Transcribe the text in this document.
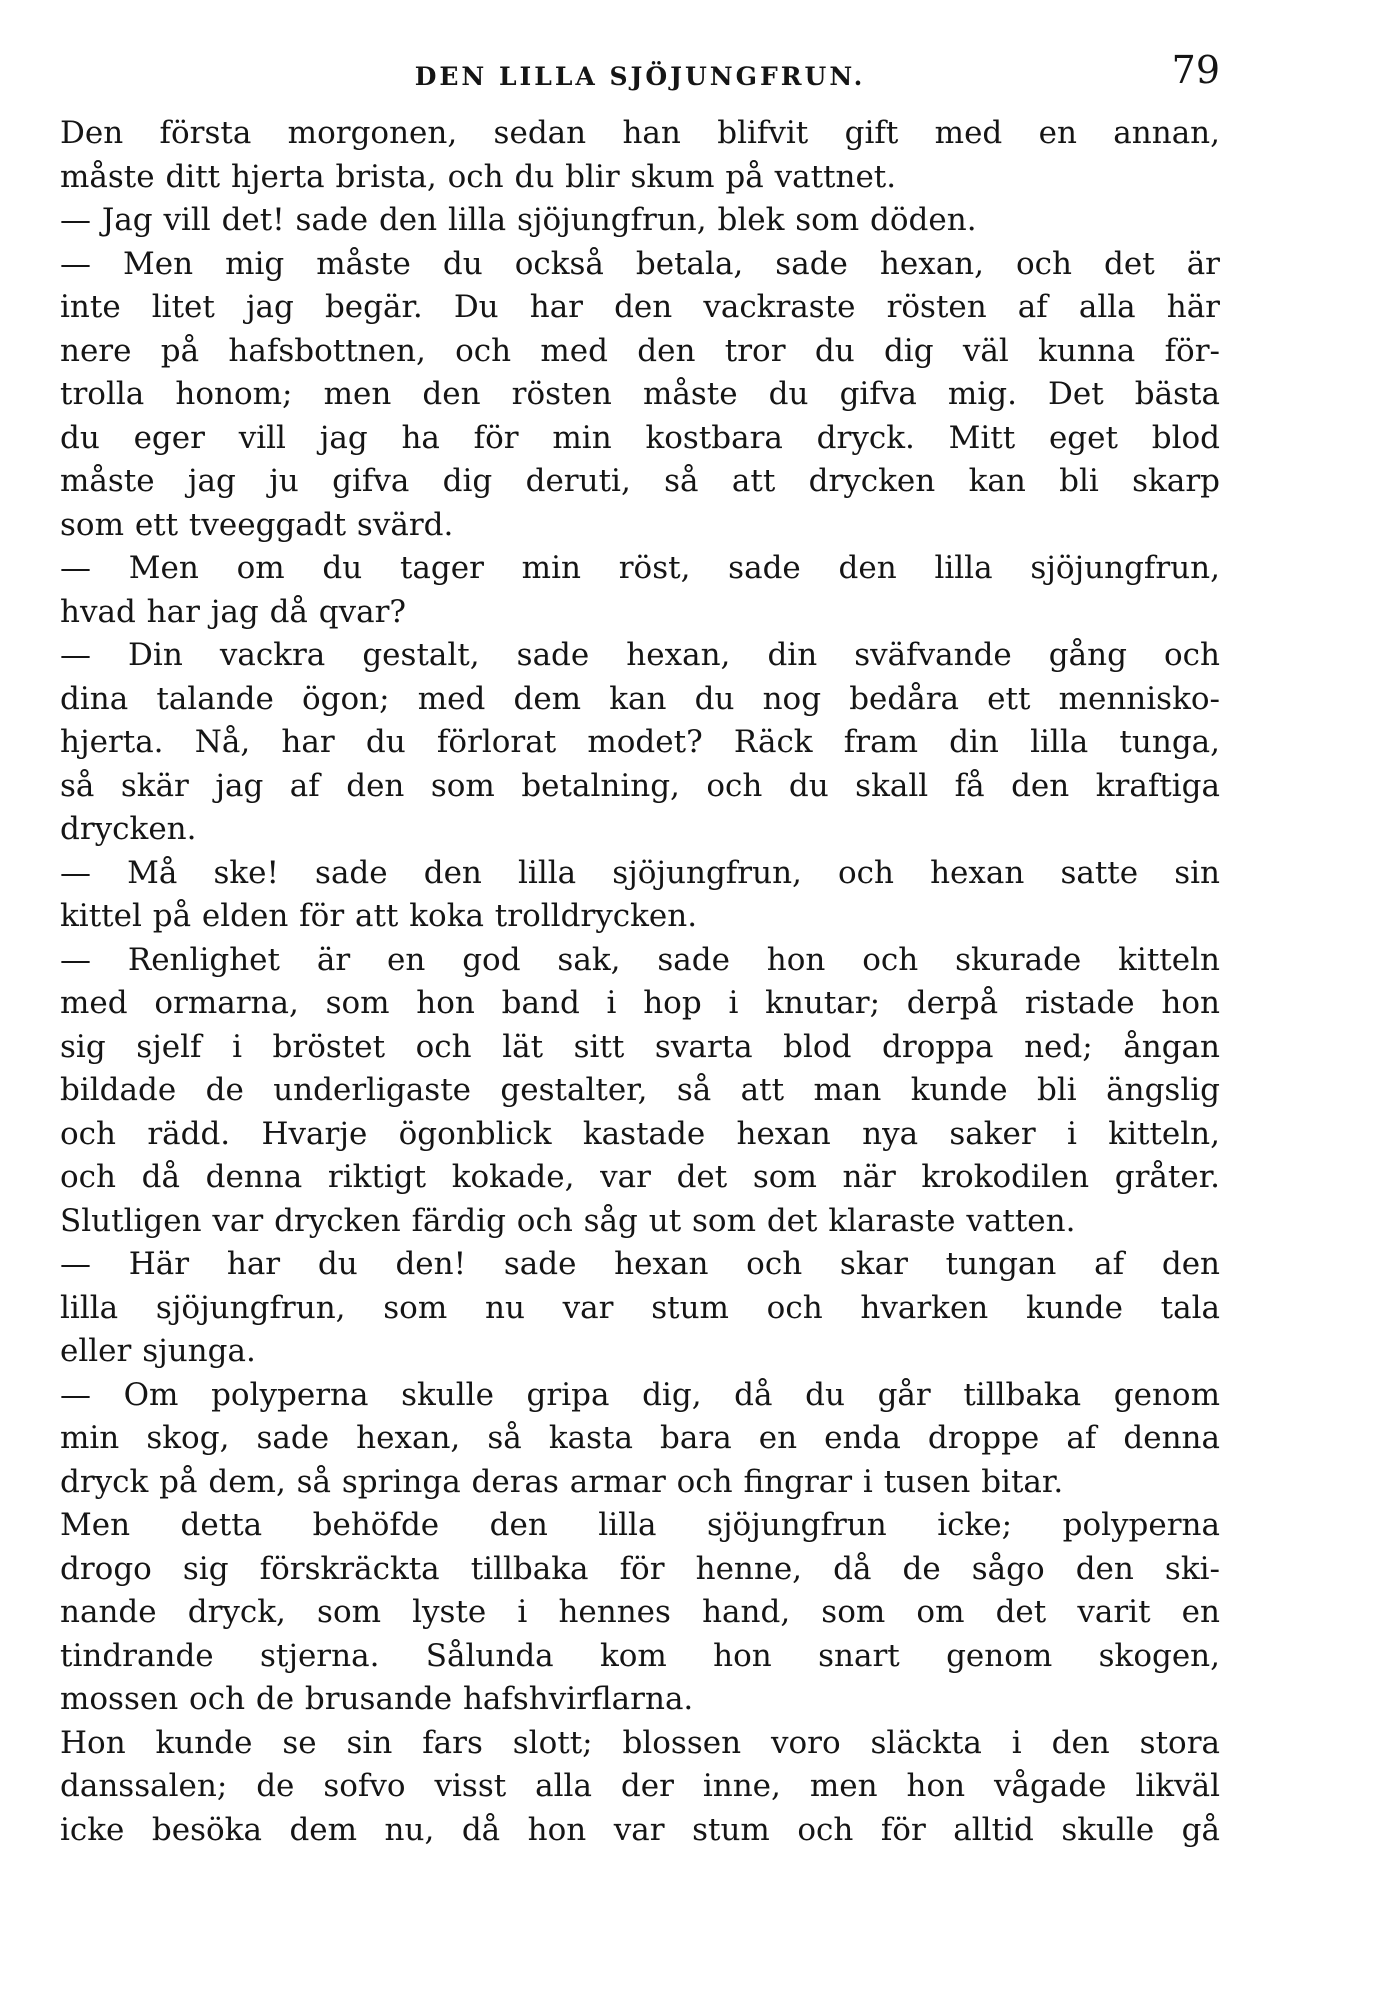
DEN LILLA SJÖJUNGFRUN.	79
Den första morgonen, sedan han blifvit gift med en annan,
måste ditt hjerta brista, och du blir skum på vattnet.
— Jag vill det! sade den lilla sjöjungfrun, blek som döden.
— Men mig måste du också betala, sade hexan, och det är
inte litet jag begär. Du har den vackraste rösten af alla här
nere på hafsbottnen, och med den tror du dig väl kunna för-
trolla honom; men den rösten måste du gifva mig. Det bästa
du eger vill jag ha för min kostbara dryck. Mitt eget blod
måste jag ju gifva dig deruti, så att drycken kan bli skarp
som ett tveeggadt svärd.
— Men om du tager min röst, sade den lilla sjöjungfrun,
hvad har jag då qvar?
— Din vackra gestalt, sade hexan, din sväfvande gång och
dina talande ögon; med dem kan du nog bedåra ett mennisko-
hjerta. Nå, har du förlorat modet? Räck fram din lilla tunga,
så skär jag af den som betalning, och du skall få den kraftiga
drycken.
— Må ske! sade den lilla sjöjungfrun, och hexan satte sin
kittel på elden för att koka trolldrycken.
— Renlighet är en god sak, sade hon och skurade kitteln
med ormarna, som hon band i hop i knutar; derpå ristade hon
sig sjelf i bröstet och lät sitt svarta blod droppa ned; ångan
bildade de underligaste gestalter, så att man kunde bli ängslig
och rädd. Hvarje ögonblick kastade hexan nya saker i kitteln,
och då denna riktigt kokade, var det som när krokodilen gråter.
Slutligen var drycken färdig och såg ut som det klaraste vatten.
— Här har du den! sade hexan och skar tungan af den
lilla sjöjungfrun, som nu var stum och hvarken kunde tala
eller sjunga.
— Om polyperna skulle gripa dig, då du går tillbaka genom
min skog, sade hexan, så kasta bara en enda droppe af denna
dryck på dem, så springa deras armar och fingrar i tusen bitar.
Men detta behöfde den lilla sjöjungfrun icke; polyperna
drogo sig förskräckta tillbaka för henne, då de sågo den ski-
nande dryck, som lyste i hennes hand, som om det varit en
tindrande stjerna. Sålunda kom hon snart genom skogen,
mossen och de brusande hafshvirflarna.
Hon kunde se sin fars slott; blossen voro släckta i den stora
danssalen; de sofvo visst alla der inne, men hon vågade likväl
icke besöka dem nu, då hon var stum och för alltid skulle gå
